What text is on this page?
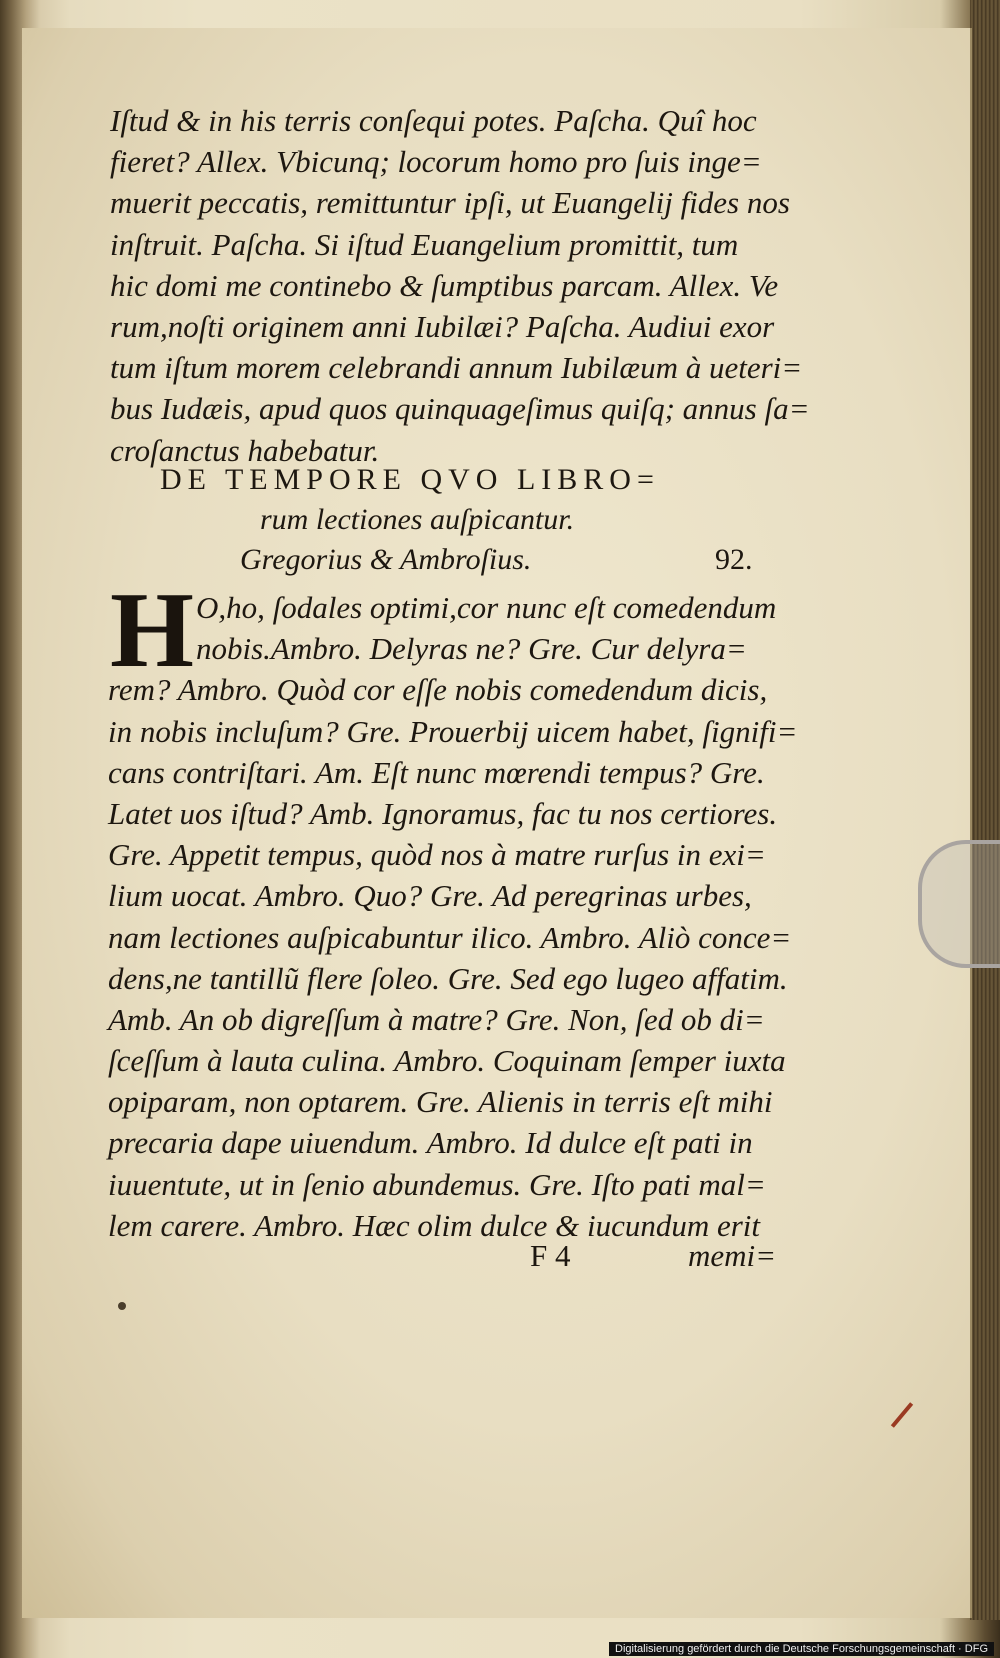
Iſtud & in his terris conſequi potes. Paſcha. Quî hoc
fieret? Allex. Vbicunq; locorum homo pro ſuis inge=
muerit peccatis, remittuntur ipſi, ut Euangelij fides nos
inſtruit. Paſcha. Si iſtud Euangelium promittit, tum
hic domi me continebo & ſumptibus parcam. Allex. Ve
rum,noſti originem anni Iubilæi? Paſcha. Audiui exor
tum iſtum morem celebrandi annum Iubilæum à ueteri=
bus Iudæis, apud quos quinquageſimus quiſq; annus ſa=
croſanctus habebatur.
DE TEMPORE QVO LIBRO=
rum lectiones auſpicantur.
Gregorius & Ambroſius.	92.
H O,ho, ſodales optimi,cor nunc eſt comedendum
nobis.Ambro. Delyras ne? Gre. Cur delyra=
rem? Ambro. Quòd cor eſſe nobis comedendum dicis,
in nobis incluſum? Gre. Prouerbij uicem habet, ſignifi=
cans contriſtari. Am. Eſt nunc mœrendi tempus? Gre.
Latet uos iſtud? Amb. Ignoramus, fac tu nos certiores.
Gre. Appetit tempus, quòd nos à matre rurſus in exi=
lium uocat. Ambro. Quo? Gre. Ad peregrinas urbes,
nam lectiones auſpicabuntur ilico. Ambro. Aliò conce=
dens,ne tantillũ flere ſoleo. Gre. Sed ego lugeo affatim.
Amb. An ob digreſſum à matre? Gre. Non, ſed ob di=
ſceſſum à lauta culina. Ambro. Coquinam ſemper iuxta
opiparam, non optarem. Gre. Alienis in terris eſt mihi
precaria dape uiuendum. Ambro. Id dulce eſt pati in
iuuentute, ut in ſenio abundemus. Gre. Iſto pati mal=
lem carere. Ambro. Hæc olim dulce & iucundum erit
F 4	memi=
Digitalisierung gefördert durch die Deutsche Forschungsgemeinschaft · DFG
